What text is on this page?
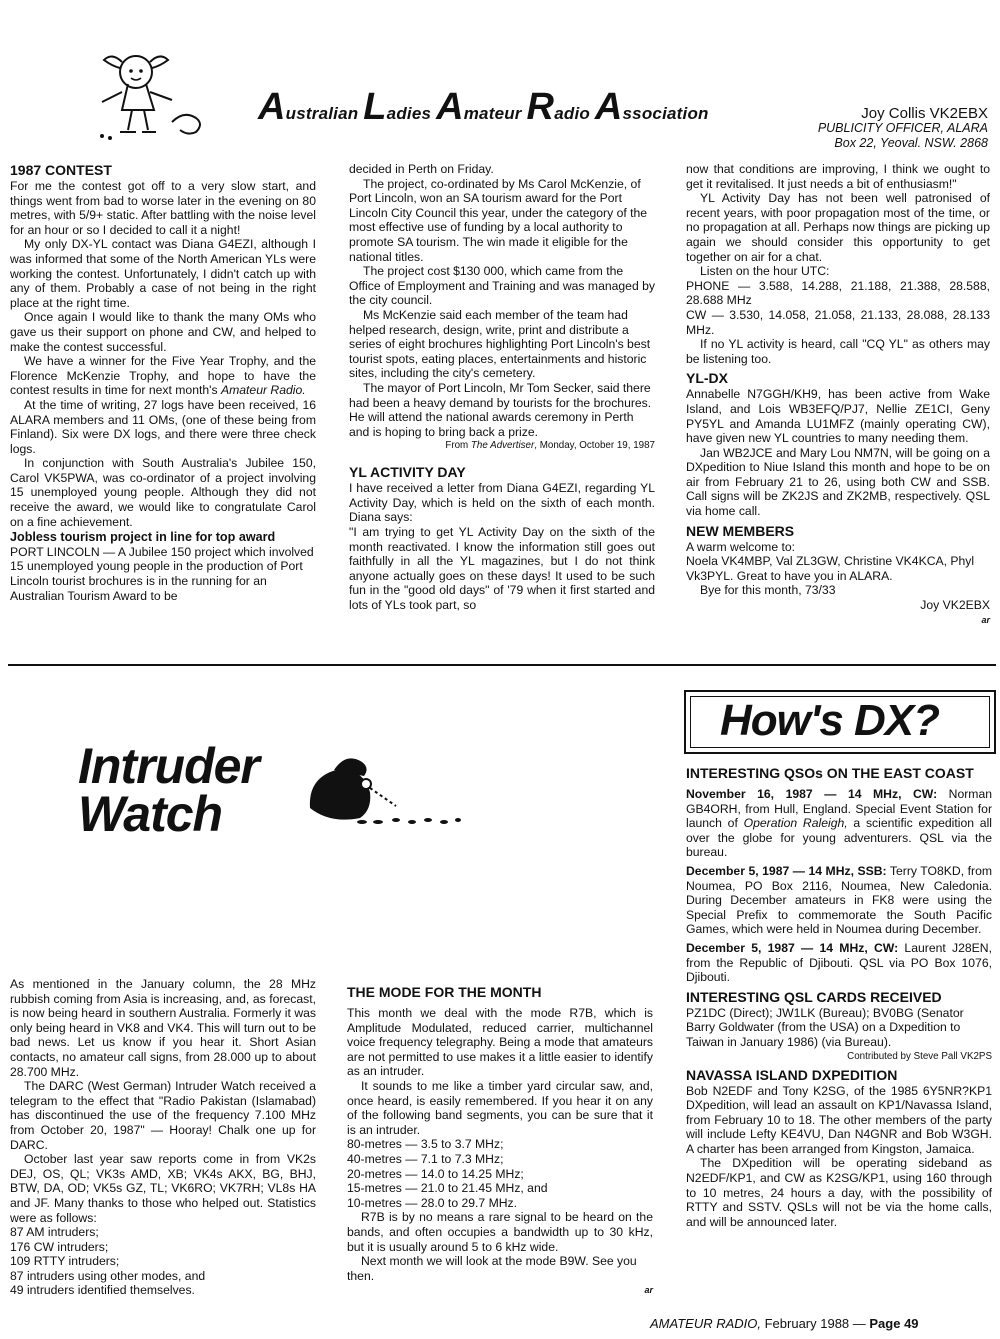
Australian Ladies Amateur Radio Association	Joy Collis VK2EBX
PUBLICITY OFFICER, ALARA
Box 22, Yeoval. NSW. 2868
1987 CONTEST

For me the contest got off to a very slow start, and things went from bad to worse later in the evening on 80 metres, with 5/9+ static. After battling with the noise level for an hour or so I decided to call it a night!

My only DX-YL contact was Diana G4EZI, although I was informed that some of the North American YLs were working the contest. Unfortunately, I didn't catch up with any of them. Probably a case of not being in the right place at the right time.

Once again I would like to thank the many OMs who gave us their support on phone and CW, and helped to make the contest successful.

We have a winner for the Five Year Trophy, and the Florence McKenzie Trophy, and hope to have the contest results in time for next month's Amateur Radio.

At the time of writing, 27 logs have been received, 16 ALARA members and 11 OMs, (one of these being from Finland). Six were DX logs, and there were three check logs.

In conjunction with South Australia's Jubilee 150, Carol VK5PWA, was co-ordinator of a project involving 15 unemployed young people. Although they did not receive the award, we would like to congratulate Carol on a fine achievement.

Jobless tourism project in line for top award

PORT LINCOLN — A Jubilee 150 project which involved 15 unemployed young people in the production of Port Lincoln tourist brochures is in the running for an Australian Tourism Award to be

decided in Perth on Friday.

The project, co-ordinated by Ms Carol McKenzie, of Port Lincoln, won an SA tourism award for the Port Lincoln City Council this year, under the category of the most effective use of funding by a local authority to promote SA tourism. The win made it eligible for the national titles.

The project cost $130 000, which came from the Office of Employment and Training and was managed by the city council.

Ms McKenzie said each member of the team had helped research, design, write, print and distribute a series of eight brochures highlighting Port Lincoln's best tourist spots, eating places, entertainments and historic sites, including the city's cemetery.

The mayor of Port Lincoln, Mr Tom Secker, said there had been a heavy demand by tourists for the brochures. He will attend the national awards ceremony in Perth and is hoping to bring back a prize.

From The Advertiser, Monday, October 19, 1987

YL ACTIVITY DAY

I have received a letter from Diana G4EZI, regarding YL Activity Day, which is held on the sixth of each month. Diana says:

"I am trying to get YL Activity Day on the sixth of the month reactivated. I know the information still goes out faithfully in all the YL magazines, but I do not think anyone actually goes on these days! It used to be such fun in the "good old days" of '79 when it first started and lots of YLs took part, so

now that conditions are improving, I think we ought to get it revitalised. It just needs a bit of enthusiasm!"

YL Activity Day has not been well patronised of recent years, with poor propagation most of the time, or no propagation at all. Perhaps now things are picking up again we should consider this opportunity to get together on air for a chat.

Listen on the hour UTC:

PHONE — 3.588, 14.288, 21.188, 21.388, 28.588, 28.688 MHz

CW — 3.530, 14.058, 21.058, 21.133, 28.088, 28.133 MHz.

If no YL activity is heard, call "CQ YL" as others may be listening too.

YL-DX

Annabelle N7GGH/KH9, has been active from Wake Island, and Lois WB3EFQ/PJ7, Nellie ZE1CI, Geny PY5YL and Amanda LU1MFZ (mainly operating CW), have given new YL countries to many needing them.

Jan WB2JCE and Mary Lou NM7N, will be going on a DXpedition to Niue Island this month and hope to be on air from February 21 to 26, using both CW and SSB. Call signs will be ZK2JS and ZK2MB, respectively. QSL via home call.

NEW MEMBERS

A warm welcome to:

Noela VK4MBP, Val ZL3GW, Christine VK4KCA, Phyl Vk3PYL. Great to have you in ALARA.

Bye for this month, 73/33

Joy VK2EBX

ar
Intruder
Watch

As mentioned in the January column, the 28 MHz rubbish coming from Asia is increasing, and, as forecast, is now being heard in southern Australia. Formerly it was only being heard in VK8 and VK4. This will turn out to be bad news. Let us know if you hear it. Short Asian contacts, no amateur call signs, from 28.000 up to about 28.700 MHz.

The DARC (West German) Intruder Watch received a telegram to the effect that "Radio Pakistan (Islamabad) has discontinued the use of the frequency 7.100 MHz from October 20, 1987" — Hooray! Chalk one up for DARC.

October last year saw reports come in from VK2s DEJ, OS, QL; VK3s AMD, XB; VK4s AKX, BG, BHJ, BTW, DA, OD; VK5s GZ, TL; VK6RO; VK7RH; VL8s HA and JF. Many thanks to those who helped out. Statistics were as follows:

87 AM intruders;

176 CW intruders;

109 RTTY intruders;

87 intruders using other modes, and

49 intruders identified themselves.

THE MODE FOR THE MONTH

This month we deal with the mode R7B, which is Amplitude Modulated, reduced carrier, multichannel voice frequency telegraphy. Being a mode that amateurs are not permitted to use makes it a little easier to identify as an intruder.

It sounds to me like a timber yard circular saw, and, once heard, is easily remembered. If you hear it on any of the following band segments, you can be sure that it is an intruder.

80-metres — 3.5 to 3.7 MHz;

40-metres — 7.1 to 7.3 MHz;

20-metres — 14.0 to 14.25 MHz;

15-metres — 21.0 to 21.45 MHz, and

10-metres — 28.0 to 29.7 MHz.

R7B is by no means a rare signal to be heard on the bands, and often occupies a bandwidth up to 30 kHz, but it is usually around 5 to 6 kHz wide.

Next month we will look at the mode B9W. See you then.

ar
How's DX?
INTERESTING QSOs ON THE EAST COAST

November 16, 1987 — 14 MHz, CW: Norman GB4ORH, from Hull, England. Special Event Station for launch of Operation Raleigh, a scientific expedition all over the globe for young adventurers. QSL via the bureau.

December 5, 1987 — 14 MHz, SSB: Terry TO8KD, from Noumea, PO Box 2116, Noumea, New Caledonia. During December amateurs in FK8 were using the Special Prefix to commemorate the South Pacific Games, which were held in Noumea during December.

December 5, 1987 — 14 MHz, CW: Laurent J28EN, from the Republic of Djibouti. QSL via PO Box 1076, Djibouti.

INTERESTING QSL CARDS RECEIVED

PZ1DC (Direct); JW1LK (Bureau); BV0BG (Senator Barry Goldwater (from the USA) on a Dxpedition to Taiwan in January 1986) (via Bureau).

Contributed by Steve Pall VK2PS

NAVASSA ISLAND DXPEDITION

Bob N2EDF and Tony K2SG, of the 1985 6Y5NR?KP1 DXpedition, will lead an assault on KP1/Navassa Island, from February 10 to 18. The other members of the party will include Lefty KE4VU, Dan N4GNR and Bob W3GH. A charter has been arranged from Kingston, Jamaica.

The DXpedition will be operating sideband as N2EDF/KP1, and CW as K2SG/KP1, using 160 through to 10 metres, 24 hours a day, with the possibility of RTTY and SSTV. QSLs will not be via the home calls, and will be announced later.

AMATEUR RADIO, February 1988 — Page 49
